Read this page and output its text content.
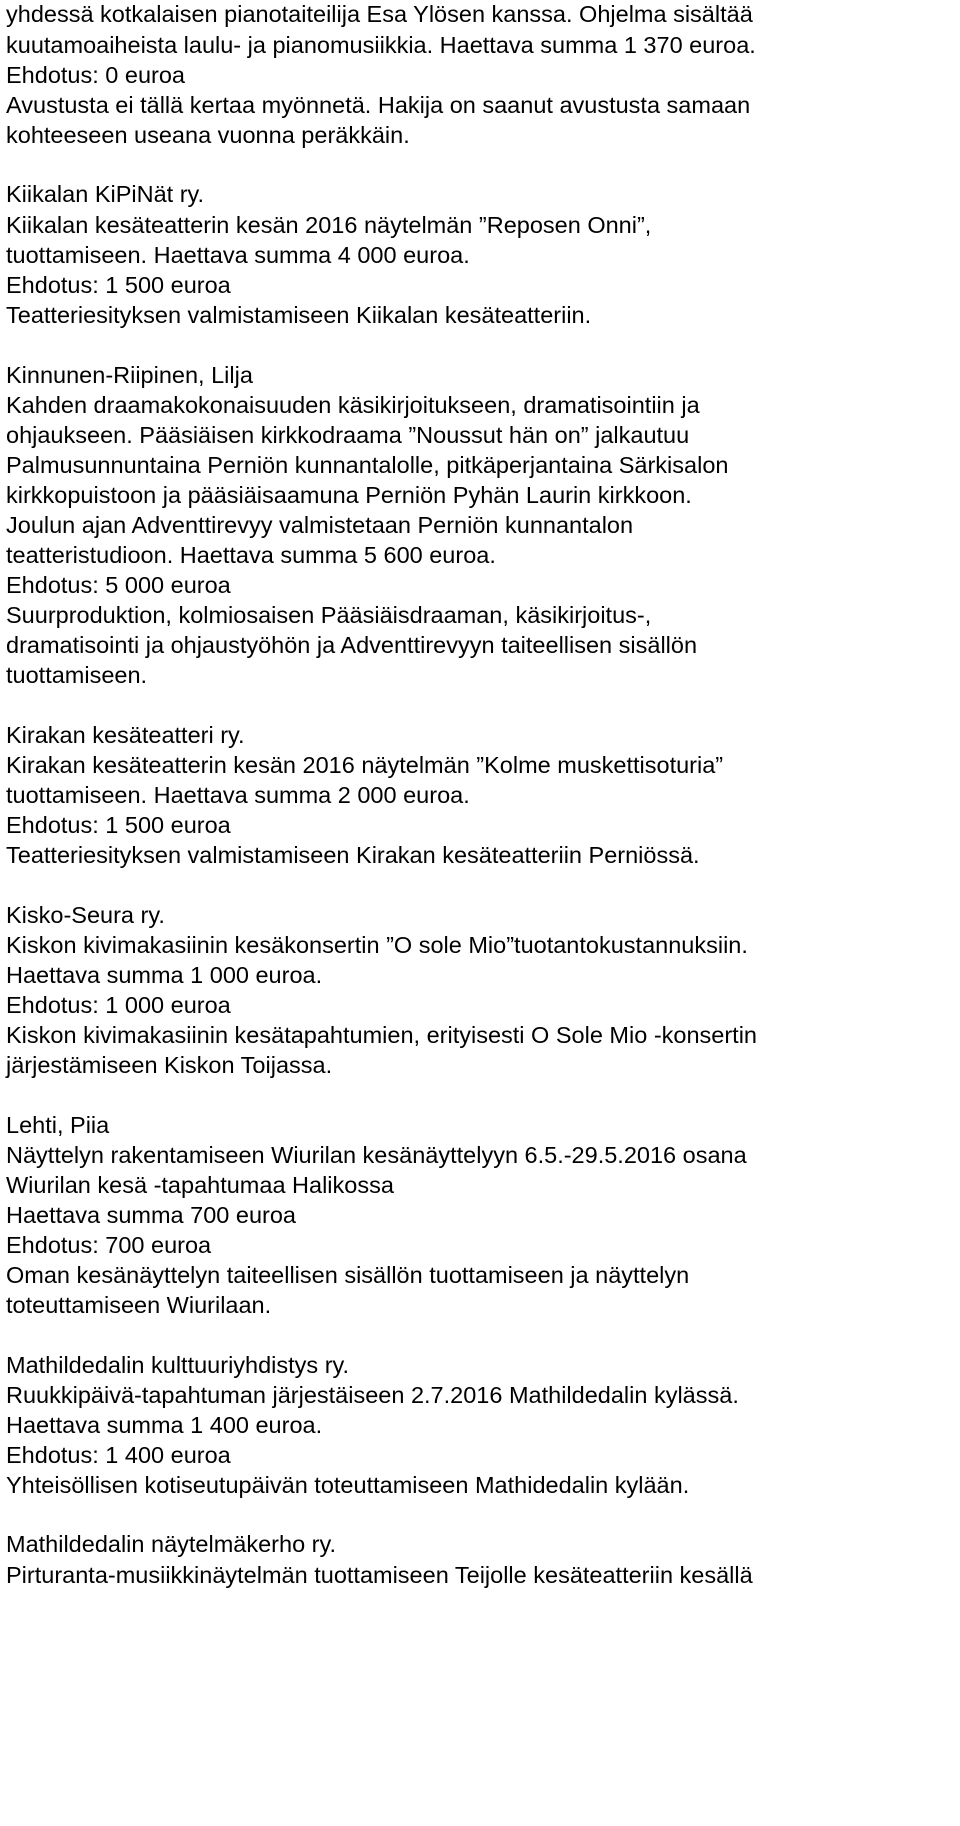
yhdessä kotkalaisen pianotaiteilija Esa Ylösen kanssa. Ohjelma sisältää
kuutamoaiheista laulu- ja pianomusiikkia. Haettava summa 1 370 euroa.
Ehdotus: 0 euroa
Avustusta ei tällä kertaa myönnetä. Hakija on saanut avustusta samaan
kohteeseen useana vuonna peräkkäin.
Kiikalan KiPiNät ry.
Kiikalan kesäteatterin kesän 2016 näytelmän ”Reposen Onni”,
tuottamiseen. Haettava summa 4 000 euroa.
Ehdotus: 1 500 euroa
Teatteriesityksen valmistamiseen Kiikalan kesäteatteriin.
Kinnunen-Riipinen, Lilja
Kahden draamakokonaisuuden käsikirjoitukseen, dramatisointiin ja
ohjaukseen. Pääsiäisen kirkkodraama ”Noussut hän on” jalkautuu
Palmusunnuntaina Perniön kunnantalolle, pitkäperjantaina Särkisalon
kirkkopuistoon ja pääsiäisaamuna Perniön Pyhän Laurin kirkkoon.
Joulun ajan Adventtirevyy valmistetaan Perniön kunnantalon
teatteristudioon. Haettava summa 5 600 euroa.
Ehdotus: 5 000 euroa
Suurproduktion, kolmiosaisen Pääsiäisdraaman, käsikirjoitus-,
dramatisointi ja ohjaustyöhön ja Adventtirevyyn taiteellisen sisällön
tuottamiseen.
Kirakan kesäteatteri ry.
Kirakan kesäteatterin kesän 2016 näytelmän ”Kolme muskettisoturia”
tuottamiseen. Haettava summa 2 000 euroa.
Ehdotus: 1 500 euroa
Teatteriesityksen valmistamiseen Kirakan kesäteatteriin Perniössä.
Kisko-Seura ry.
Kiskon kivimakasiinin kesäkonsertin ”O sole Mio”tuotantokustannuksiin.
Haettava summa 1 000 euroa.
Ehdotus: 1 000 euroa
Kiskon kivimakasiinin kesätapahtumien, erityisesti O Sole Mio -konsertin
järjestämiseen Kiskon Toijassa.
Lehti, Piia
Näyttelyn rakentamiseen Wiurilan kesänäyttelyyn 6.5.-29.5.2016 osana
Wiurilan kesä -tapahtumaa Halikossa
Haettava summa 700 euroa
Ehdotus: 700 euroa
Oman kesänäyttelyn taiteellisen sisällön tuottamiseen ja näyttelyn
toteuttamiseen Wiurilaan.
Mathildedalin kulttuuriyhdistys ry.
Ruukkipäivä-tapahtuman järjestäiseen 2.7.2016 Mathildedalin kylässä.
Haettava summa 1 400 euroa.
Ehdotus: 1 400 euroa
Yhteisöllisen kotiseutupäivän toteuttamiseen Mathidedalin kylään.
Mathildedalin näytelmäkerho ry.
Pirturanta-musiikkinäytelmän tuottamiseen Teijolle kesäteatteriin kesällä
